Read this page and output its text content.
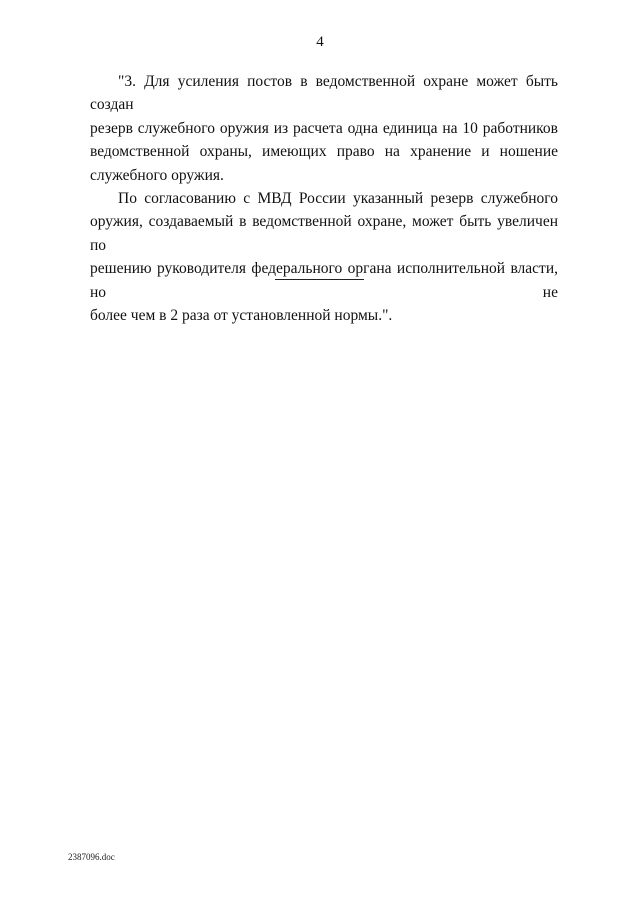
4

"3. Для усиления постов в ведомственной охране может быть создан
резерв служебного оружия из расчета одна единица на 10 работников
ведомственной охраны, имеющих право на хранение и ношение
служебного оружия.

По согласованию с МВД России указанный резерв служебного
оружия, создаваемый в ведомственной охране, может быть увеличен по
решению руководителя федерального органа исполнительной власти, но не
более чем в 2 раза от установленной нормы.".

2387096.doc
